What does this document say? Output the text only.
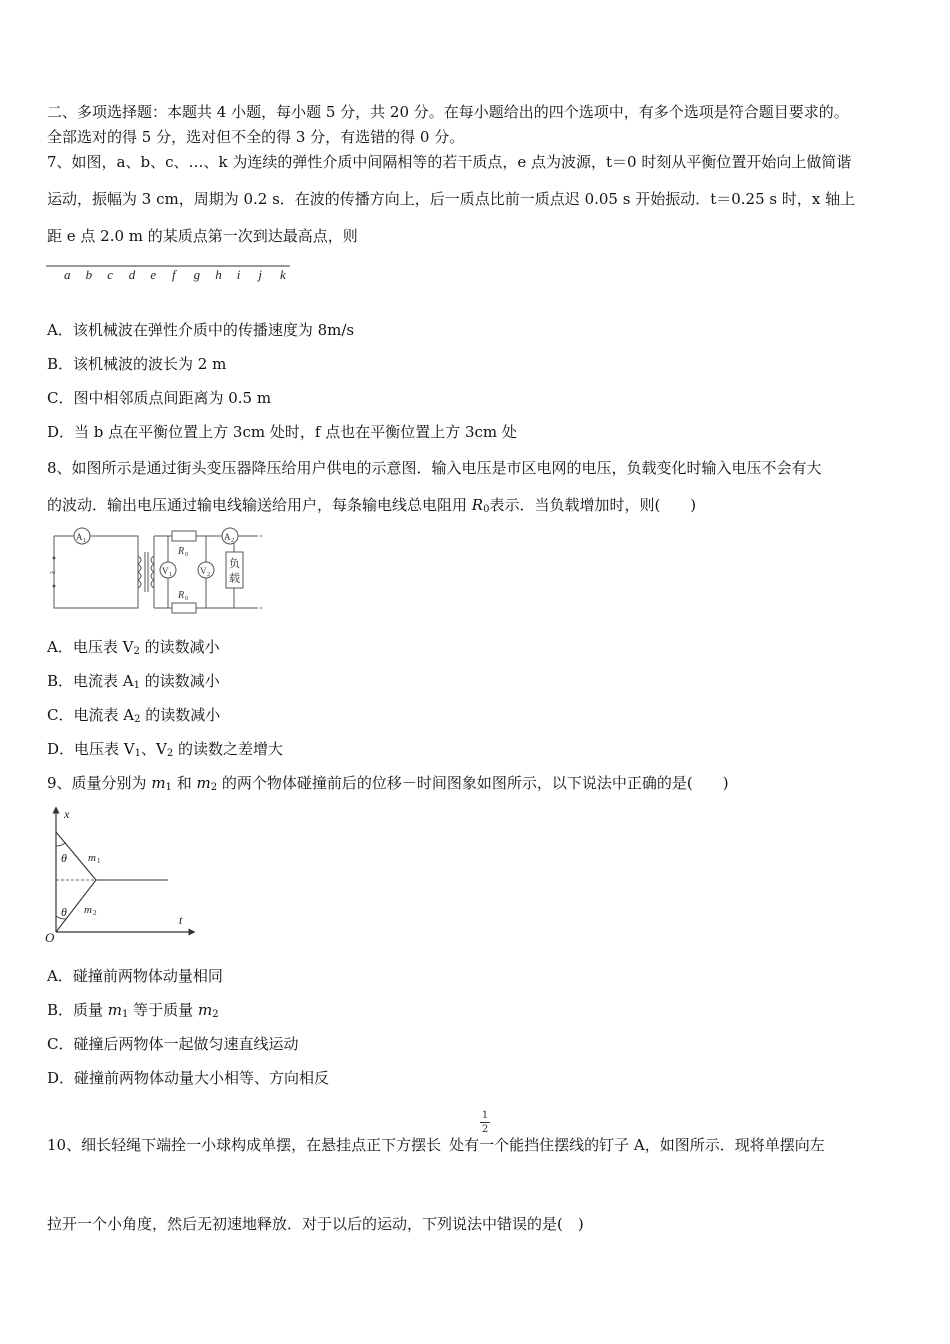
二、多项选择题：本题共 4 小题，每小题 5 分，共 20 分。在每小题给出的四个选项中，有多个选项是符合题目要求的。
全部选对的得 5 分，选对但不全的得 3 分，有选错的得 0 分。
7、如图，a、b、c、…、k 为连续的弹性介质中间隔相等的若干质点，e 点为波源，t＝0 时刻从平衡位置开始向上做简谐
运动，振幅为 3 cm，周期为 0.2 s．在波的传播方向上，后一质点比前一质点迟 0.05 s 开始振动．t＝0.25 s 时，x 轴上
距 e 点 2.0 m 的某质点第一次到达最高点，则
a b c d e f g h i j k
A．该机械波在弹性介质中的传播速度为 8m/s
B．该机械波的波长为 2 m
C．图中相邻质点间距离为 0.5 m
D．当 b 点在平衡位置上方 3cm 处时，f 点也在平衡位置上方 3cm 处
8、如图所示是通过街头变压器降压给用户供电的示意图．输入电压是市区电网的电压，负载变化时输入电压不会有大
的波动．输出电压通过输电线输送给用户，每条输电线总电阻用 $R_0$表示．当负载增加时，则(　　)
A 1	A 2
V 1	V 2
R 0
R 0
负
载
~
A．电压表 $V_2$ 的读数减小
B．电流表 $A_1$ 的读数减小
C．电流表 $A_2$ 的读数减小
D．电压表 $V_1$、$V_2$ 的读数之差增大
9、质量分别为 $m_1$ 和 $m_2$ 的两个物体碰撞前后的位移－时间图象如图所示，以下说法中正确的是(　　)
x
t
O
θ
θ
m 1
m 2
A．碰撞前两物体动量相同
B．质量 $m_1$ 等于质量 $m_2$
C．碰撞后两物体一起做匀速直线运动
D．碰撞前两物体动量大小相等、方向相反
1
2
10、细长轻绳下端拴一小球构成单摆，在悬挂点正下方摆长 处有一个能挡住摆线的钉子 A，如图所示．现将单摆向左
拉开一个小角度，然后无初速地释放．对于以后的运动，下列说法中错误的是(　)
